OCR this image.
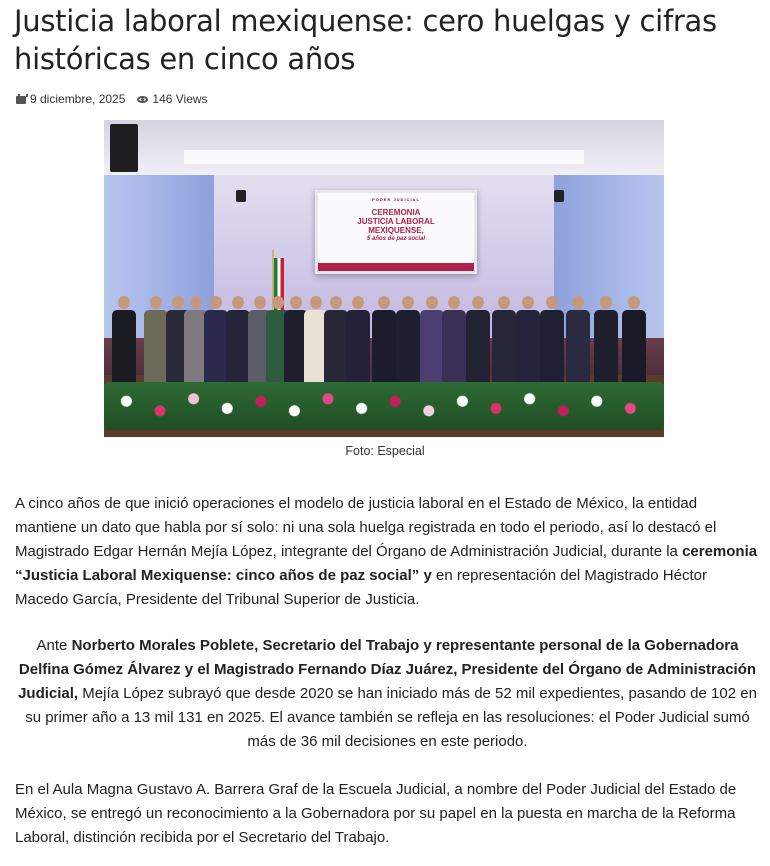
Justicia laboral mexiquense: cero huelgas y cifras históricas en cinco años
9 diciembre, 2025 146 Views
PODER JUDICIAL
CEREMONIA
JUSTICIA LABORAL
MEXIQUENSE,
5 años de paz social
Foto: Especial

A cinco años de que inició operaciones el modelo de justicia laboral en el Estado de México, la entidad mantiene un dato que habla por sí solo: ni una sola huelga registrada en todo el periodo, así lo destacó el Magistrado Edgar Hernán Mejía López, integrante del Órgano de Administración Judicial, durante la ceremonia “Justicia Laboral Mexiquense: cinco años de paz social” y en representación del Magistrado Héctor Macedo García, Presidente del Tribunal Superior de Justicia.

Ante Norberto Morales Poblete, Secretario del Trabajo y representante personal de la Gobernadora Delfina Gómez Álvarez y el Magistrado Fernando Díaz Juárez, Presidente del Órgano de Administración Judicial, Mejía López subrayó que desde 2020 se han iniciado más de 52 mil expedientes, pasando de 102 en su primer año a 13 mil 131 en 2025. El avance también se refleja en las resoluciones: el Poder Judicial sumó más de 36 mil decisiones en este periodo.

En el Aula Magna Gustavo A. Barrera Graf de la Escuela Judicial, a nombre del Poder Judicial del Estado de México, se entregó un reconocimiento a la Gobernadora por su papel en la puesta en marcha de la Reforma Laboral, distinción recibida por el Secretario del Trabajo.
